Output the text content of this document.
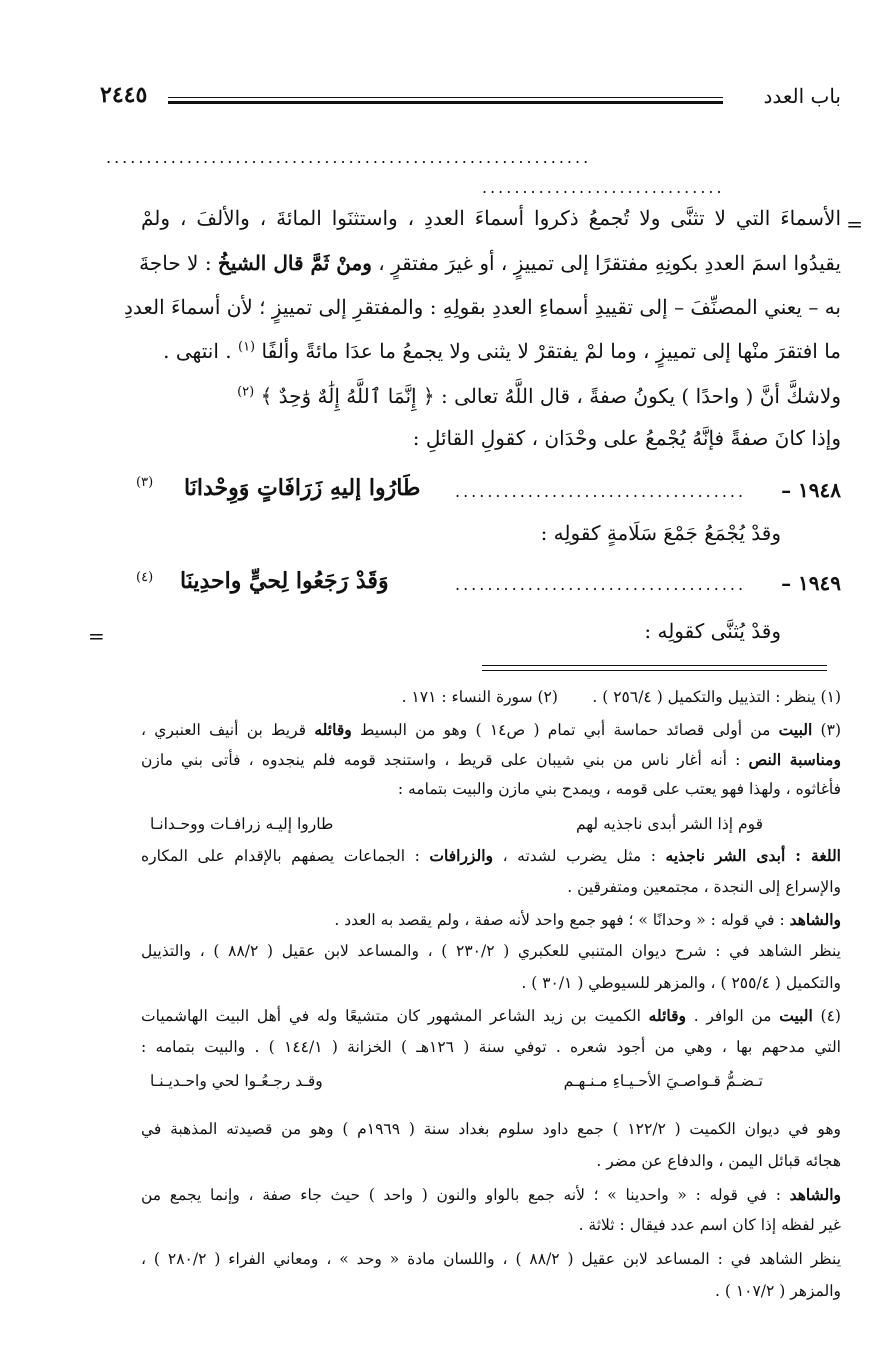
باب العدد
٢٤٤٥
............................................................
..............................
=
الأسماءَ التي لا تثنَّى ولا تُجمعُ ذكروا أسماءَ العددِ ، واستثنَوا المائةَ ، والألفَ ، ولمْ
يقيدُوا اسمَ العددِ بكونِهِ مفتقرًا إلى تمييزٍ ، أو غيرَ مفتقرٍ ، ومنْ ثَمَّ قال الشيخُ : لا حاجةَ
به – يعني المصنِّفَ – إلى تقييدِ أسماءِ العددِ بقولِهِ : والمفتقرِ إلى تمييزٍ ؛ لأن أسماءَ العددِ
ما افتقرَ منْها إلى تمييزٍ ، وما لمْ يفتقرْ لا يثنى ولا يجمعُ ما عدَا مائةً وألفًا $^{(١)}$ . انتهى .
ولاشكَّ أنَّ ( واحدًا ) يكونُ صفةً ، قال اللَّهُ تعالى : ﴿ إِنَّمَا ٱللَّهُ إِلَٰهٌ وَٰحِدٌ ﴾ $^{(٢)}$
وإذا كانَ صفةً فإنَّهُ يُجْمعُ على وحْدَان ، كقولِ القائلِ :
١٩٤٨ –
....................................
طَارُوا إليهِ زَرَافَاتٍ وَوِحْدانَا
(٣)
وقدْ يُجْمَعُ جَمْعَ سَلَامةٍ كقولِه :
١٩٤٩ –
....................................
وَقَدْ رَجَعُوا لِحيٍّ واحدِينَا
(٤)
وقدْ يُثنَّى كقولِه :
=
(١) ينظر : التذييل والتكميل ( ٢٥٦/٤ ) .       (٢) سورة النساء : ١٧١ .
(٣) البيت من أولى قصائد حماسة أبي تمام ( ص١٤ ) وهو من البسيط وقائله قريط بن أنيف العنبري ،
ومناسبة النص : أنه أغار ناس من بني شيبان على قريط ، واستنجد قومه فلم ينجدوه ، فأتى بني مازن
فأغاثوه ، ولهذا فهو يعتب على قومه ، ويمدح بني مازن والبيت بتمامه :
قوم إذا الشر أبدى ناجذيه لهم
طاروا إليـه زرافـات ووحـدانـا
اللغة : أبدى الشر ناجذيه : مثل يضرب لشدته ، والزرافات : الجماعات يصفهم بالإقدام على المكاره
والإسراع إلى النجدة ، مجتمعين ومتفرقين .
والشاهد : في قوله : « وحدانًا » ؛ فهو جمع واحد لأنه صفة ، ولم يقصد به العدد .
ينظر الشاهد في : شرح ديوان المتنبي للعكبري ( ٢٣٠/٢ ) ، والمساعد لابن عقيل ( ٨٨/٢ ) ، والتذييل
والتكميل ( ٢٥٥/٤ ) ، والمزهر للسيوطي ( ٣٠/١ ) .
(٤) البيت من الوافر . وقائله الكميت بن زيد الشاعر المشهور كان متشيعًا وله في أهل البيت الهاشميات
التي مدحهم بها ، وهي من أجود شعره . توفي سنة ( ١٢٦هـ ) الخزانة ( ١٤٤/١ ) . والبيت بتمامه :
تـضـمُّ قـواصـيَ الأحـيـاءِ مـنـهـم
وقـد رجـعُـوا لحي واحـديـنـا
وهو في ديوان الكميت ( ١٢٢/٢ ) جمع داود سلوم بغداد سنة ( ١٩٦٩م ) وهو من قصيدته المذهبة في
هجائه قبائل اليمن ، والدفاع عن مضر .
والشاهد : في قوله : « واحدينا » ؛ لأنه جمع بالواو والنون ( واحد ) حيث جاء صفة ، وإنما يجمع من
غير لفظه إذا كان اسم عدد فيقال : ثلاثة .
ينظر الشاهد في : المساعد لابن عقيل ( ٨٨/٢ ) ، واللسان مادة « وحد » ، ومعاني الفراء ( ٢٨٠/٢ ) ،
والمزهر ( ١٠٧/٢ ) .
